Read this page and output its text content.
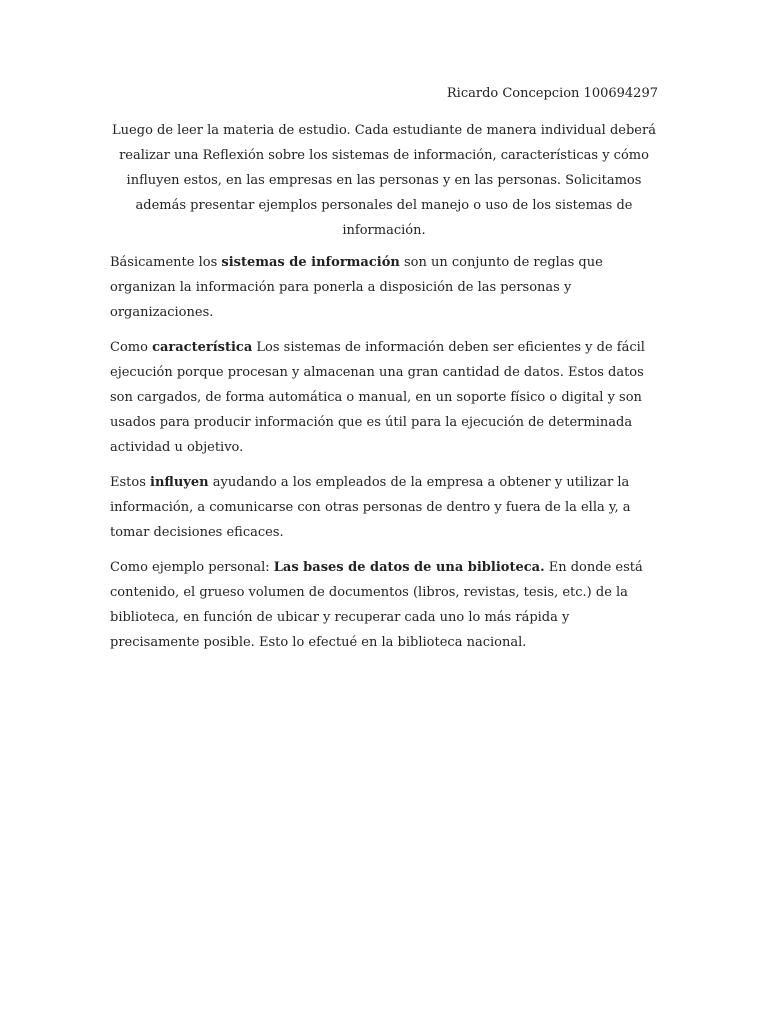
Ricardo Concepcion 100694297
Luego de leer la materia de estudio. Cada estudiante de manera individual deberá realizar una Reflexión sobre los sistemas de información, características y cómo influyen estos, en las empresas en las personas y en las personas. Solicitamos además presentar ejemplos personales del manejo o uso de los sistemas de información.

Básicamente los sistemas de información son un conjunto de reglas que organizan la información para ponerla a disposición de las personas y organizaciones.

Como característica Los sistemas de información deben ser eficientes y de fácil ejecución porque procesan y almacenan una gran cantidad de datos. Estos datos son cargados, de forma automática o manual, en un soporte físico o digital y son usados para producir información que es útil para la ejecución de determinada actividad u objetivo.

Estos influyen ayudando a los empleados de la empresa a obtener y utilizar la información, a comunicarse con otras personas de dentro y fuera de la ella y, a tomar decisiones eficaces.

Como ejemplo personal: Las bases de datos de una biblioteca. En donde está contenido, el grueso volumen de documentos (libros, revistas, tesis, etc.) de la biblioteca, en función de ubicar y recuperar cada uno lo más rápida y precisamente posible. Esto lo efectué en la biblioteca nacional.
